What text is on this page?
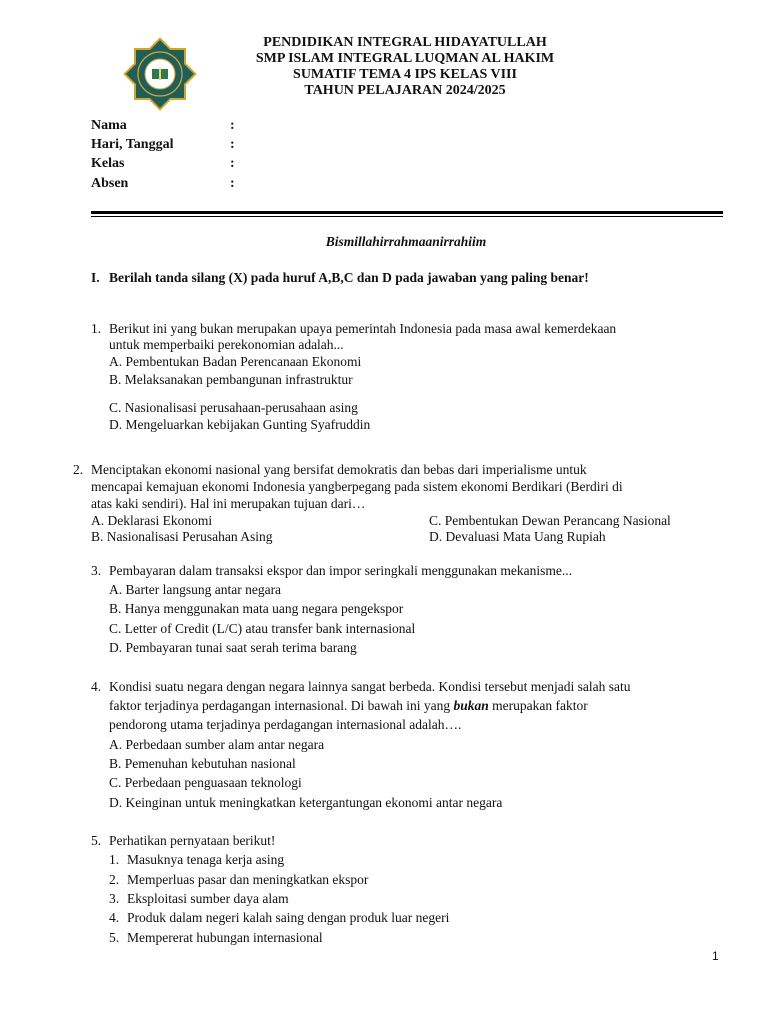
PENDIDIKAN INTEGRAL HIDAYATULLAH
SMP ISLAM INTEGRAL LUQMAN AL HAKIM
SUMATIF TEMA 4 IPS KELAS VIII
TAHUN PELAJARAN 2024/2025
Nama	:
Hari, Tanggal	:
Kelas	:
Absen	:
Bismillahirrahmaanirrahiim
I. Berilah tanda silang (X) pada huruf A,B,C dan D pada jawaban yang paling benar!
1. Berikut ini yang bukan merupakan upaya pemerintah Indonesia pada masa awal kemerdekaan
untuk memperbaiki perekonomian adalah...
A. Pembentukan Badan Perencanaan Ekonomi
B. Melaksanakan pembangunan infrastruktur
C. Nasionalisasi perusahaan-perusahaan asing
D. Mengeluarkan kebijakan Gunting Syafruddin
2. Menciptakan ekonomi nasional yang bersifat demokratis dan bebas dari imperialisme untuk
mencapai kemajuan ekonomi Indonesia yangberpegang pada sistem ekonomi Berdikari (Berdiri di
atas kaki sendiri). Hal ini merupakan tujuan dari…
A. Deklarasi Ekonomi	C. Pembentukan Dewan Perancang Nasional
B. Nasionalisasi Perusahan Asing	D. Devaluasi Mata Uang Rupiah
3. Pembayaran dalam transaksi ekspor dan impor seringkali menggunakan mekanisme...
A. Barter langsung antar negara
B. Hanya menggunakan mata uang negara pengekspor
C. Letter of Credit (L/C) atau transfer bank internasional
D. Pembayaran tunai saat serah terima barang
4. Kondisi suatu negara dengan negara lainnya sangat berbeda. Kondisi tersebut menjadi salah satu
faktor terjadinya perdagangan internasional. Di bawah ini yang bukan merupakan faktor
pendorong utama terjadinya perdagangan internasional adalah….
A. Perbedaan sumber alam antar negara
B. Pemenuhan kebutuhan nasional
C. Perbedaan penguasaan teknologi
D. Keinginan untuk meningkatkan ketergantungan ekonomi antar negara
5. Perhatikan pernyataan berikut!
1. Masuknya tenaga kerja asing
2. Memperluas pasar dan meningkatkan ekspor
3. Eksploitasi sumber daya alam
4. Produk dalam negeri kalah saing dengan produk luar negeri
5. Mempererat hubungan internasional
1
